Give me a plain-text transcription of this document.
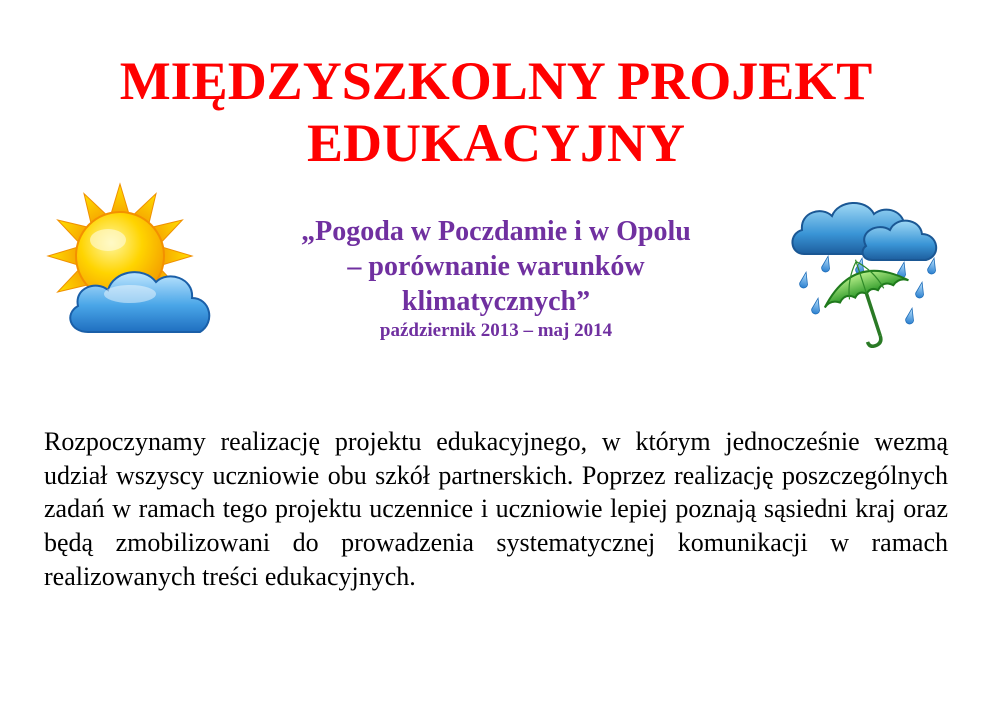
MIĘDZYSZKOLNY PROJEKT
EDUKACYJNY
„Pogoda w Poczdamie i w Opolu
– porównanie warunków
klimatycznych”
październik 2013 – maj 2014

Rozpoczynamy realizację projektu edukacyjnego, w którym jednocześnie wezmą udział wszyscy uczniowie obu szkół partnerskich. Poprzez realizację poszczególnych zadań w ramach tego projektu uczennice i uczniowie lepiej poznają sąsiedni kraj oraz będą zmobilizowani do prowadzenia systematycznej komunikacji w ramach realizowanych treści edukacyjnych.
